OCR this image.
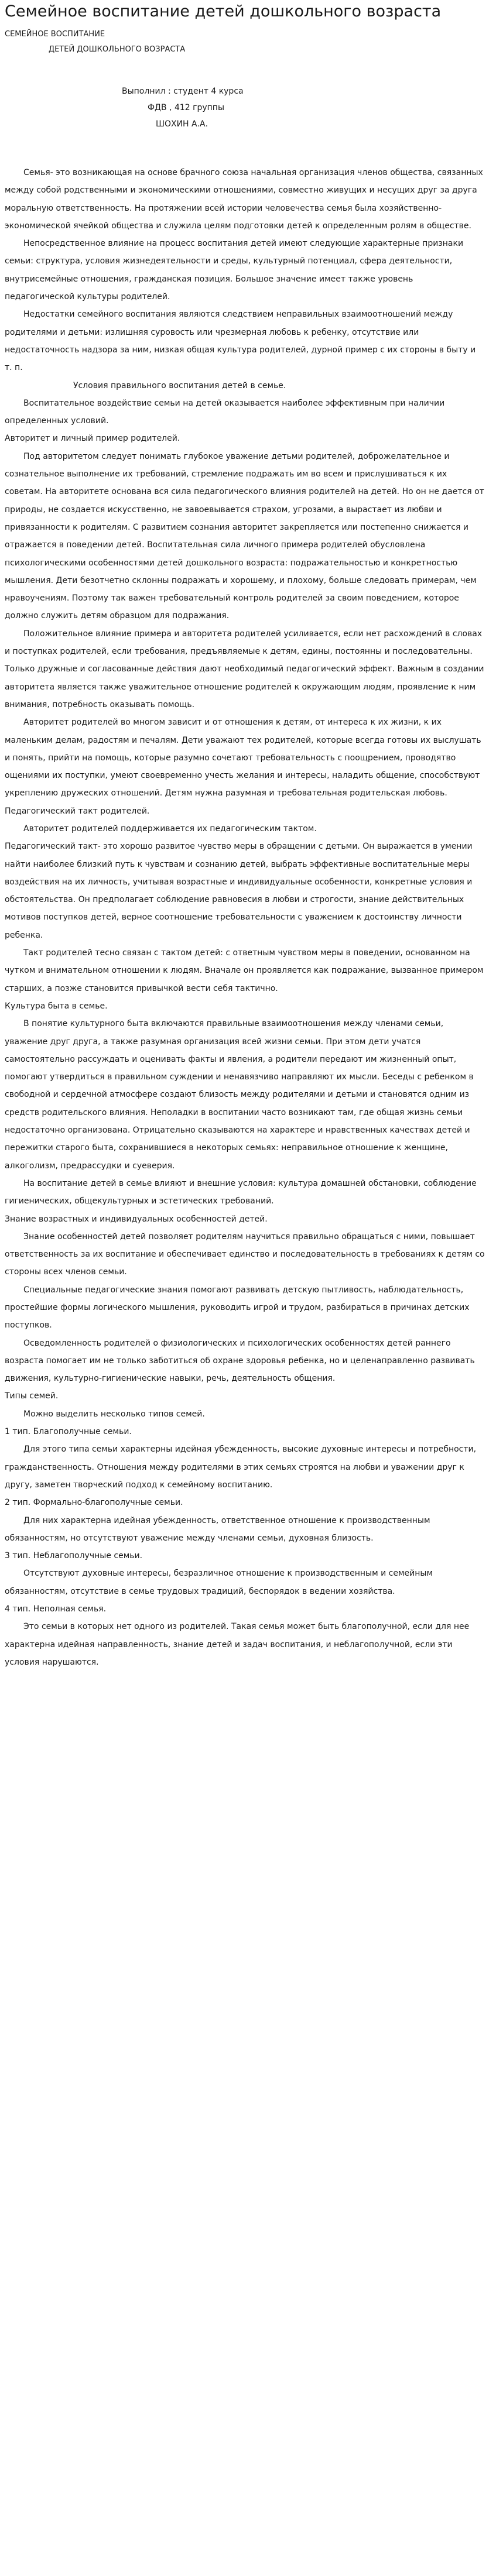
Семейное воспитание детей дошкольного возраста

СЕМЕЙНОЕ ВОСПИТАНИЕ

ДЕТЕЙ ДОШКОЛЬНОГО ВОЗРАСТА

Выполнил : студент 4 курса

ФДВ , 412 группы

ШОХИН А.А.

Семья- это возникающая на основе брачного союза начальная организация членов общества, связанных между собой родственными и экономическими отношениями, совместно живущих и несущих друг за друга моральную ответственность. На протяжении всей истории человечества семья была хозяйственно-экономической ячейкой общества и служила целям подготовки детей к определенным ролям в обществе.

Непосредственное влияние на процесс воспитания детей имеют следующие характерные признаки семьи: структура, условия жизнедеятельности и среды, культурный потенциал, сфера деятельности, внутрисемейные отношения, гражданская позиция. Большое значение имеет также уровень педагогической культуры родителей.

Недостатки семейного воспитания являются следствием неправильных взаимоотношений между родителями и детьми: излишняя суровость или чрезмерная любовь к ребенку, отсутствие или недостаточность надзора за ним, низкая общая культура родителей, дурной пример с их стороны в быту и т. п.

Условия правильного воспитания детей в семье.

Воспитательное воздействие семьи на детей оказывается наиболее эффективным при наличии определенных условий.

Авторитет и личный пример родителей.

Под авторитетом следует понимать глубокое уважение детьми родителей, доброжелательное и сознательное выполнение их требований, стремление подражать им во всем и прислушиваться к их советам. На авторитете основана вся сила педагогического влияния родителей на детей. Но он не дается от природы, не создается искусственно, не завоевывается страхом, угрозами, а вырастает из любви и привязанности к родителям. С развитием сознания авторитет закрепляется или постепенно снижается и отражается в поведении детей. Воспитательная сила личного примера родителей обусловлена психологическими особенностями детей дошкольного возраста: подражательностью и конкретностью мышления. Дети безотчетно склонны подражать и хорошему, и плохому, больше следовать примерам, чем нравоучениям. Поэтому так важен требовательный контроль родителей за своим поведением, которое должно служить детям образцом для подражания.

Положительное влияние примера и авторитета родителей усиливается, если нет расхождений в словах и поступках родителей, если требования, предъявляемые к детям, едины, постоянны и последовательны. Только дружные и согласованные действия дают необходимый педагогический эффект. Важным в создании авторитета является также уважительное отношение родителей к окружающим людям, проявление к ним внимания, потребность оказывать помощь.

Авторитет родителей во многом зависит и от отношения к детям, от интереса к их жизни, к их маленьким делам, радостям и печалям. Дети уважают тех родителей, которые всегда готовы их выслушать и понять, прийти на помощь, которые разумно сочетают требовательность с поощрением, проводятво ощениями их поступки, умеют своевременно учесть желания и интересы, наладить общение, способствуют укреплению дружеских отношений. Детям нужна разумная и требовательная родительская любовь.

Педагогический такт родителей.

Авторитет родителей поддерживается их педагогическим тактом.

Педагогический такт- это хорошо развитое чувство меры в обращении с детьми. Он выражается в умении найти наиболее близкий путь к чувствам и сознанию детей, выбрать эффективные воспитательные меры воздействия на их личность, учитывая возрастные и индивидуальные особенности, конкретные условия и обстоятельства. Он предполагает соблюдение равновесия в любви и строгости, знание действительных мотивов поступков детей, верное соотношение требовательности с уважением к достоинству личности ребенка.

Такт родителей тесно связан с тактом детей: с ответным чувством меры в поведении, основанном на чутком и внимательном отношении к людям. Вначале он проявляется как подражание, вызванное примером старших, а позже становится привычкой вести себя тактично.

Культура быта в семье.

В понятие культурного быта включаются правильные взаимоотношения между членами семьи, уважение друг друга, а также разумная организация всей жизни семьи. При этом дети учатся самостоятельно рассуждать и оценивать факты и явления, а родители передают им жизненный опыт, помогают утвердиться в правильном суждении и ненавязчиво направляют их мысли. Беседы с ребенком в свободной и сердечной атмосфере создают близость между родителями и детьми и становятся одним из средств родительского влияния. Неполадки в воспитании часто возникают там, где общая жизнь семьи недостаточно организована. Отрицательно сказываются на характере и нравственных качествах детей и пережитки старого быта, сохранившиеся в некоторых семьях: неправильное отношение к женщине, алкоголизм, предрассудки и суеверия.

На воспитание детей в семье влияют и внешние условия: культура домашней обстановки, соблюдение гигиенических, общекультурных и эстетических требований.

Знание возрастных и индивидуальных особенностей детей.

Знание особенностей детей позволяет родителям научиться правильно обращаться с ними, повышает ответственность за их воспитание и обеспечивает единство и последовательность в требованиях к детям со стороны всех членов семьи.

Специальные педагогические знания помогают развивать детскую пытливость, наблюдательность, простейшие формы логического мышления, руководить игрой и трудом, разбираться в причинах детских поступков.

Осведомленность родителей о физиологических и психологических особенностях детей раннего возраста помогает им не только заботиться об охране здоровья ребенка, но и целенаправленно развивать движения, культурно-гигиенические навыки, речь, деятельность общения.

Типы семей.

Можно выделить несколько типов семей.

1 тип. Благополучные семьи.

Для этого типа семьи характерны идейная убежденность, высокие духовные интересы и потребности, гражданственность. Отношения между родителями в этих семьях строятся на любви и уважении друг к другу, заметен творческий подход к семейному воспитанию.

2 тип. Формально-благополучные семьи.

Для них характерна идейная убежденность, ответственное отношение к производственным обязанностям, но отсутствуют уважение между членами семьи, духовная близость.

3 тип. Неблагополучные семьи.

Отсутствуют духовные интересы, безразличное отношение к производственным и семейным обязанностям, отсутствие в семье трудовых традиций, беспорядок в ведении хозяйства.

4 тип. Неполная семья.

Это семьи в которых нет одного из родителей. Такая семья может быть благополучной, если для нее характерна идейная направленность, знание детей и задач воспитания, и неблагополучной, если эти условия нарушаются.
